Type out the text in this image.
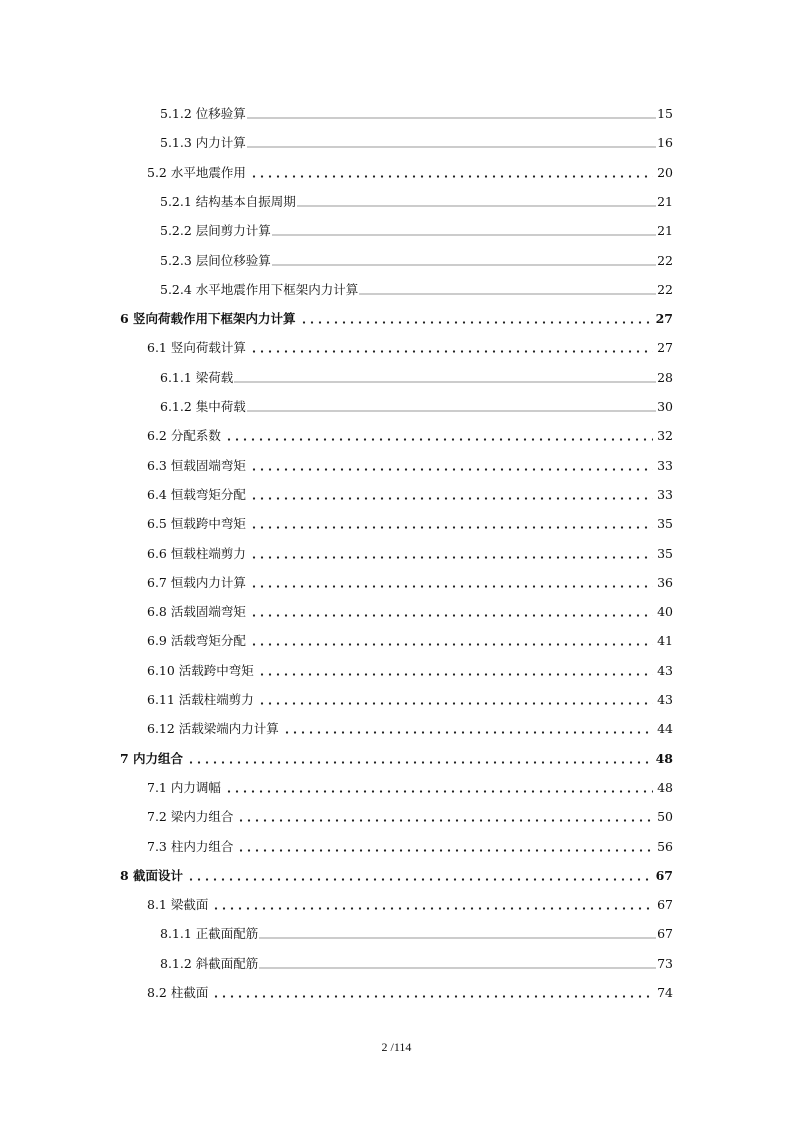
5.1.2 位移验算	15
5.1.3 内力计算	16
5.2 水平地震作用	20
5.2.1 结构基本自振周期	21
5.2.2 层间剪力计算	21
5.2.3 层间位移验算	22
5.2.4 水平地震作用下框架内力计算	22
6 竖向荷载作用下框架内力计算	27
6.1 竖向荷载计算	27
6.1.1 梁荷载	28
6.1.2 集中荷载	30
6.2 分配系数	32
6.3 恒载固端弯矩	33
6.4 恒载弯矩分配	33
6.5 恒载跨中弯矩	35
6.6 恒载柱端剪力	35
6.7 恒载内力计算	36
6.8 活载固端弯矩	40
6.9 活载弯矩分配	41
6.10 活载跨中弯矩	43
6.11 活载柱端剪力	43
6.12 活载梁端内力计算	44
7 内力组合	48
7.1 内力调幅	48
7.2 梁内力组合	50
7.3 柱内力组合	56
8 截面设计	67
8.1 梁截面	67
8.1.1 正截面配筋	67
8.1.2 斜截面配筋	73
8.2 柱截面	74
2 /114
